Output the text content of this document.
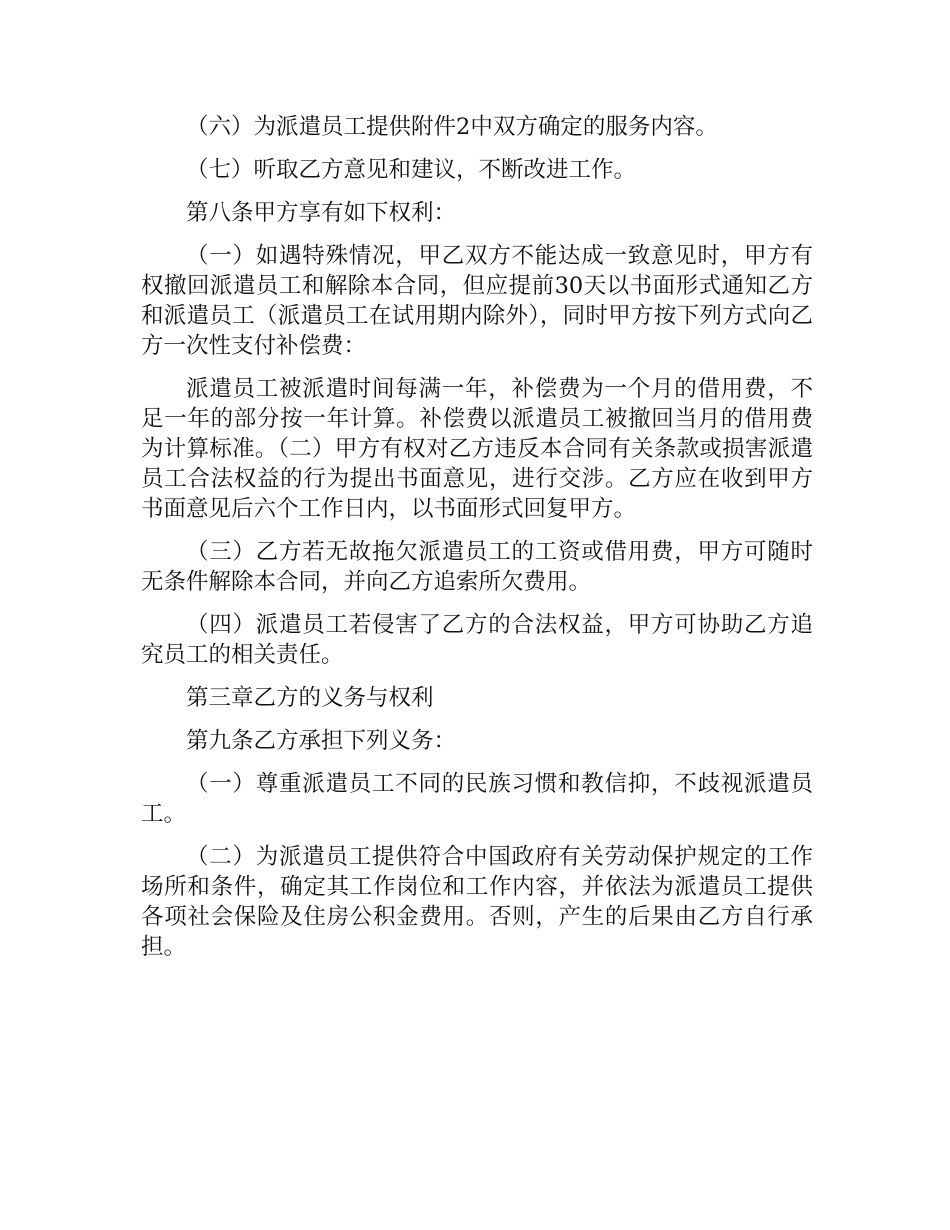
（六）为派遣员工提供附件2中双方确定的服务内容。

（七）听取乙方意见和建议，不断改进工作。

第八条甲方享有如下权利：

（一）如遇特殊情况，甲乙双方不能达成一致意见时，甲方有权撤回派遣员工和解除本合同，但应提前30天以书面形式通知乙方和派遣员工（派遣员工在试用期内除外），同时甲方按下列方式向乙方一次性支付补偿费：

派遣员工被派遣时间每满一年，补偿费为一个月的借用费，不足一年的部分按一年计算。补偿费以派遣员工被撤回当月的借用费为计算标准。（二）甲方有权对乙方违反本合同有关条款或损害派遣员工合法权益的行为提出书面意见，进行交涉。乙方应在收到甲方书面意见后六个工作日内，以书面形式回复甲方。

（三）乙方若无故拖欠派遣员工的工资或借用费，甲方可随时无条件解除本合同，并向乙方追索所欠费用。

（四）派遣员工若侵害了乙方的合法权益，甲方可协助乙方追究员工的相关责任。

第三章乙方的义务与权利

第九条乙方承担下列义务：

（一）尊重派遣员工不同的民族习惯和教信抑，不歧视派遣员工。

（二）为派遣员工提供符合中国政府有关劳动保护规定的工作场所和条件，确定其工作岗位和工作内容，并依法为派遣员工提供各项社会保险及住房公积金费用。否则，产生的后果由乙方自行承担。
